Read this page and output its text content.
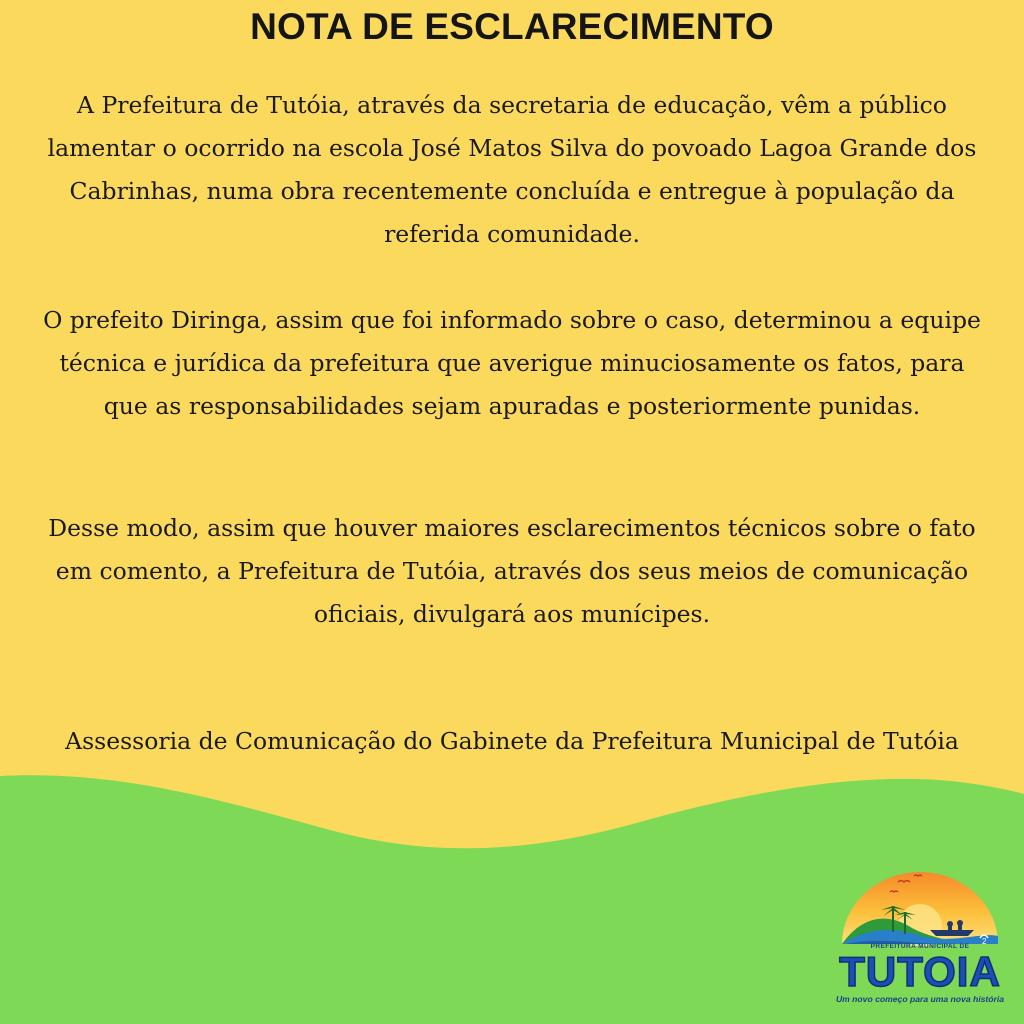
NOTA DE ESCLARECIMENTO

A Prefeitura de Tutóia, através da secretaria de educação, vêm a público lamentar o ocorrido na escola José Matos Silva do povoado Lagoa Grande dos Cabrinhas, numa obra recentemente concluída e entregue à população da referida comunidade.

O prefeito Diringa, assim que foi informado sobre o caso, determinou a equipe técnica e jurídica da prefeitura que averigue minuciosamente os fatos, para que as responsabilidades sejam apuradas e posteriormente punidas.

Desse modo, assim que houver maiores esclarecimentos técnicos sobre o fato em comento, a Prefeitura de Tutóia, através dos seus meios de comunicação oficiais, divulgará aos munícipes.

Assessoria de Comunicação do Gabinete da Prefeitura Municipal de Tutóia

2
PREFEITURA MUNICIPAL DE
TUTOIA
Um novo começo para uma nova história
